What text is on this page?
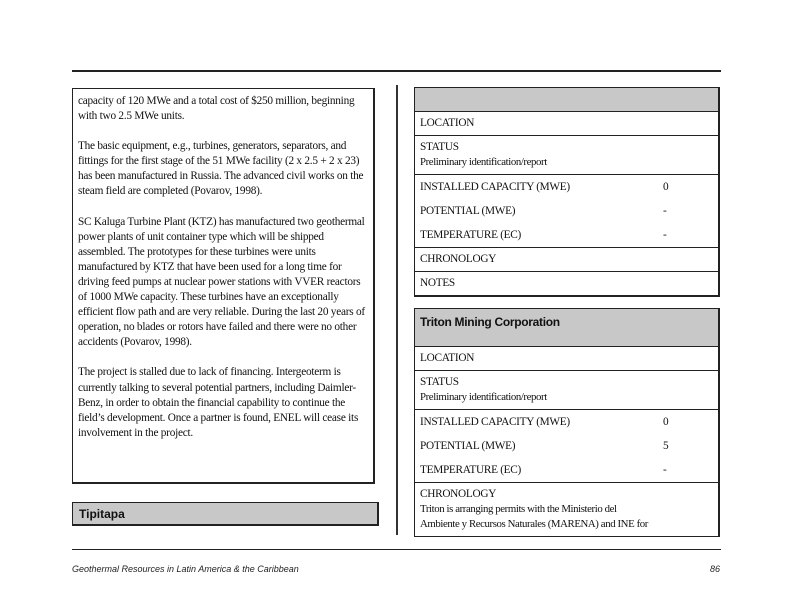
capacity of 120 MWe and a total cost of $250 million, beginning with two 2.5 MWe units.

The basic equipment, e.g., turbines, generators, separators, and fittings for the first stage of the 51 MWe facility (2 x 2.5 + 2 x 23) has been manufactured in Russia. The advanced civil works on the steam field are completed (Povarov, 1998).

SC Kaluga Turbine Plant (KTZ) has manufactured two geothermal power plants of unit container type which will be shipped assembled. The prototypes for these turbines were units manufactured by KTZ that have been used for a long time for driving feed pumps at nuclear power stations with VVER reactors of 1000 MWe capacity. These turbines have an exceptionally efficient flow path and are very reliable. During the last 20 years of operation, no blades or rotors have failed and there were no other accidents (Povarov, 1998).

The project is stalled due to lack of financing. Intergeoterm is currently talking to several potential partners, including Daimler-Benz, in order to obtain the financial capability to continue the field’s development. Once a partner is found, ENEL will cease its involvement in the project.

Tipitapa
LOCATION
STATUS
Preliminary identification/report
INSTALLED CAPACITY (MWE)	0
POTENTIAL (MWE)	-
TEMPERATURE (ЕC)	-
CHRONOLOGY
NOTES
Triton Mining Corporation
LOCATION
STATUS
Preliminary identification/report
INSTALLED CAPACITY (MWE)	0
POTENTIAL (MWE)	5
TEMPERATURE (ЕC)	-
CHRONOLOGY
Triton is arranging permits with the Ministerio del
Ambiente y Recursos Naturales (MARENA) and INE for
Geothermal Resources in Latin America & the Caribbean	86
